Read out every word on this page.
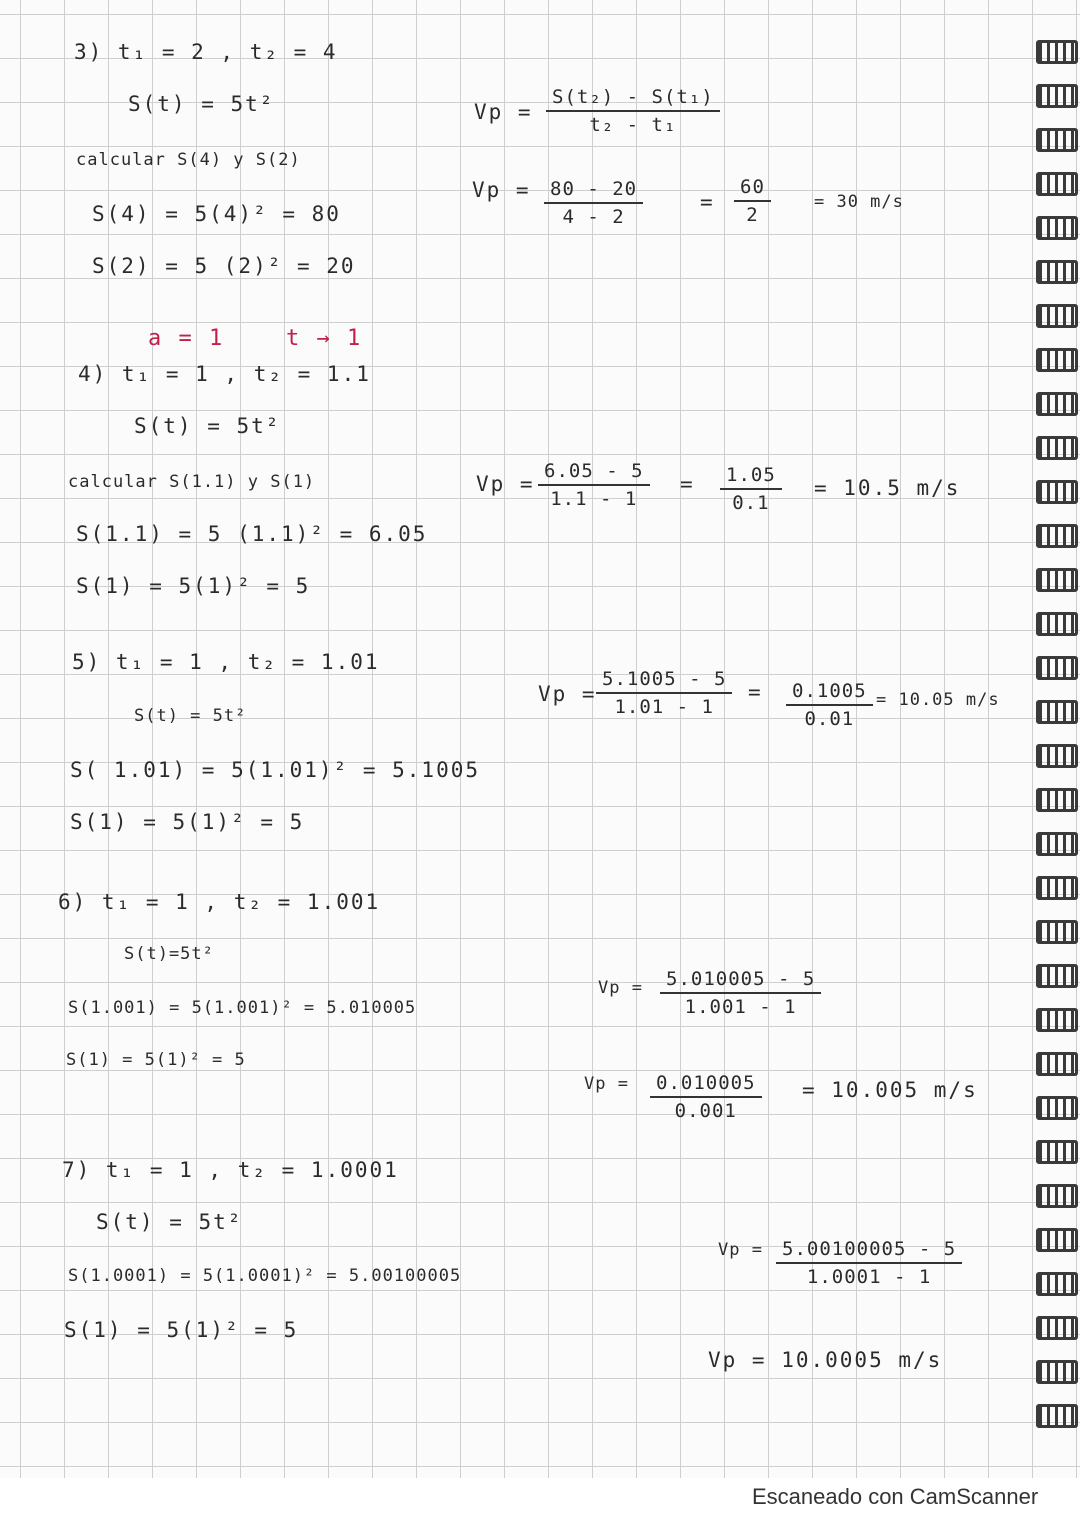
3) t₁ = 2 , t₂ = 4
S(t) = 5t²
calcular S(4) y S(2)
S(4) = 5(4)² = 80
S(2) = 5 (2)² = 20
$Vp = \frac{\text{S(t₂) - S(t₁)}}{\text{t₂ - t₁}}$
$Vp = \frac{80 - 20}{4 - 2}$	= $\frac{60}{2}$	= 30 m/s
a = 1	t → 1
4) t₁ = 1 , t₂ = 1.1
S(t) = 5t²
calcular S(1.1) y S(1)
S(1.1) = 5 (1.1)² = 6.05
S(1) = 5(1)² = 5
$Vp = \frac{6.05 - 5}{1.1 - 1} = \frac{1.05}{0.1} = 10.5$ m/s
5) t₁ = 1 , t₂ = 1.01
S(t) = 5t²
S( 1.01) = 5(1.01)² = 5.1005
S(1) = 5(1)² = 5
$Vp = \frac{5.1005 - 5}{1.01 - 1} = \frac{0.1005}{0.01} = 10.05$ m/s
6) t₁ = 1 , t₂ = 1.001
S(t)=5t²
S(1.001) = 5(1.001)² = 5.010005
S(1) = 5(1)² = 5
$Vp = \frac{5.010005 - 5}{1.001 - 1}$
$Vp = \frac{0.010005}{0.001} = 10.005$ m/s
7) t₁ = 1 , t₂ = 1.0001
S(t) = 5t²
S(1.0001) = 5(1.0001)² = 5.00100005
S(1) = 5(1)² = 5
$Vp = \frac{5.00100005 - 5}{1.0001 - 1}$
Vp = 10.0005 m/s
Escaneado con CamScanner
